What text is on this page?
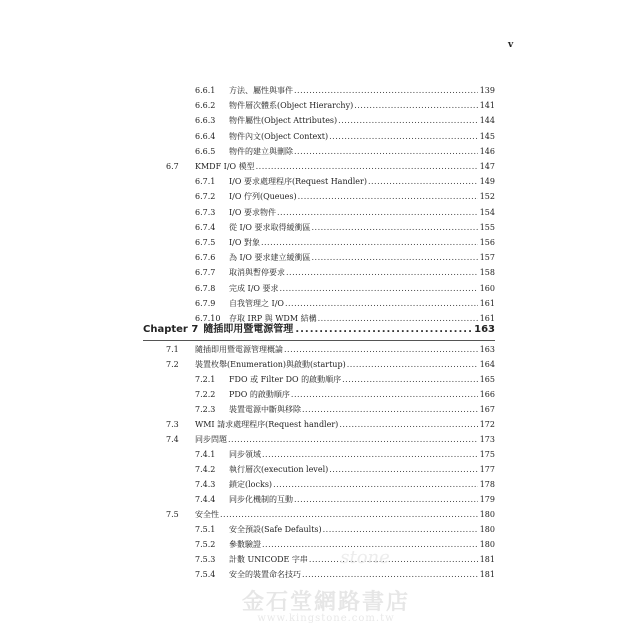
v
Chapter 7 隨插即用暨電源管理 .....	163
6.6.1 方法、屬性與事件 .....	139
6.6.2 物件層次體系(Object Hierarchy) .....	141
6.6.3 物件屬性(Object Attributes) .....	144
6.6.4 物件內文(Object Context) .....	145
6.6.5 物件的建立與刪除 .....	146
6.7 KMDF I/O 模型 .....	147
6.7.1 I/O 要求處理程序(Request Handler) .....	149
6.7.2 I/O 佇列(Queues) .....	152
6.7.3 I/O 要求物件 .....	154
6.7.4 從 I/O 要求取得緩衝區 .....	155
6.7.5 I/O 對象 .....	156
6.7.6 為 I/O 要求建立緩衝區 .....	157
6.7.7 取消與暫停要求 .....	158
6.7.8 完成 I/O 要求 .....	160
6.7.9 自我管理之 I/O .....	161
6.7.10 存取 IRP 與 WDM 結構 .....	161
7.1 隨插即用暨電源管理概論 .....	163
7.2 裝置枚舉(Enumeration)與啟動(startup) .....	164
7.2.1 FDO 或 Filter DO 的啟動順序 .....	165
7.2.2 PDO 的啟動順序 .....	166
7.2.3 裝置電源中斷與移除 .....	167
7.3 WMI 請求處理程序(Request handler) .....	172
7.4 同步問題 .....	173
7.4.1 同步領域 .....	175
7.4.2 執行層次(execution level) .....	177
7.4.3 鎖定(locks) .....	178
7.4.4 同步化機制的互動 .....	179
7.5 安全性 .....	180
7.5.1 安全預設(Safe Defaults) .....	180
7.5.2 參數驗證 .....	180
7.5.3 計數 UNICODE 字串 .....	181
7.5.4 安全的裝置命名技巧 .....	181
stone
金石堂網路書店
www.kingstone.com.tw
